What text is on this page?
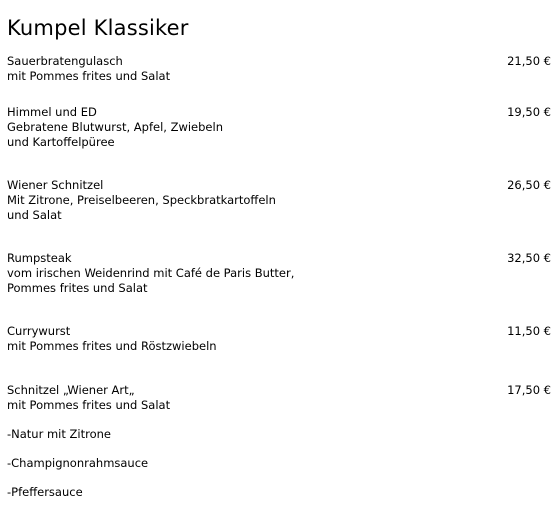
Kumpel Klassiker
Sauerbratengulasch
mit Pommes frites und Salat
21,50 €
Himmel und ED
Gebratene Blutwurst, Apfel, Zwiebeln
und Kartoffelpüree
19,50 €
Wiener Schnitzel
Mit Zitrone, Preiselbeeren, Speckbratkartoffeln
und Salat
26,50 €
Rumpsteak
vom irischen Weidenrind mit Café de Paris Butter,
Pommes frites und Salat
32,50 €
Currywurst
mit Pommes frites und Röstzwiebeln
11,50 €
Schnitzel „Wiener Art„
mit Pommes frites und Salat
17,50 €
-Natur mit Zitrone
-Champignonrahmsauce
-Pfeffersauce
